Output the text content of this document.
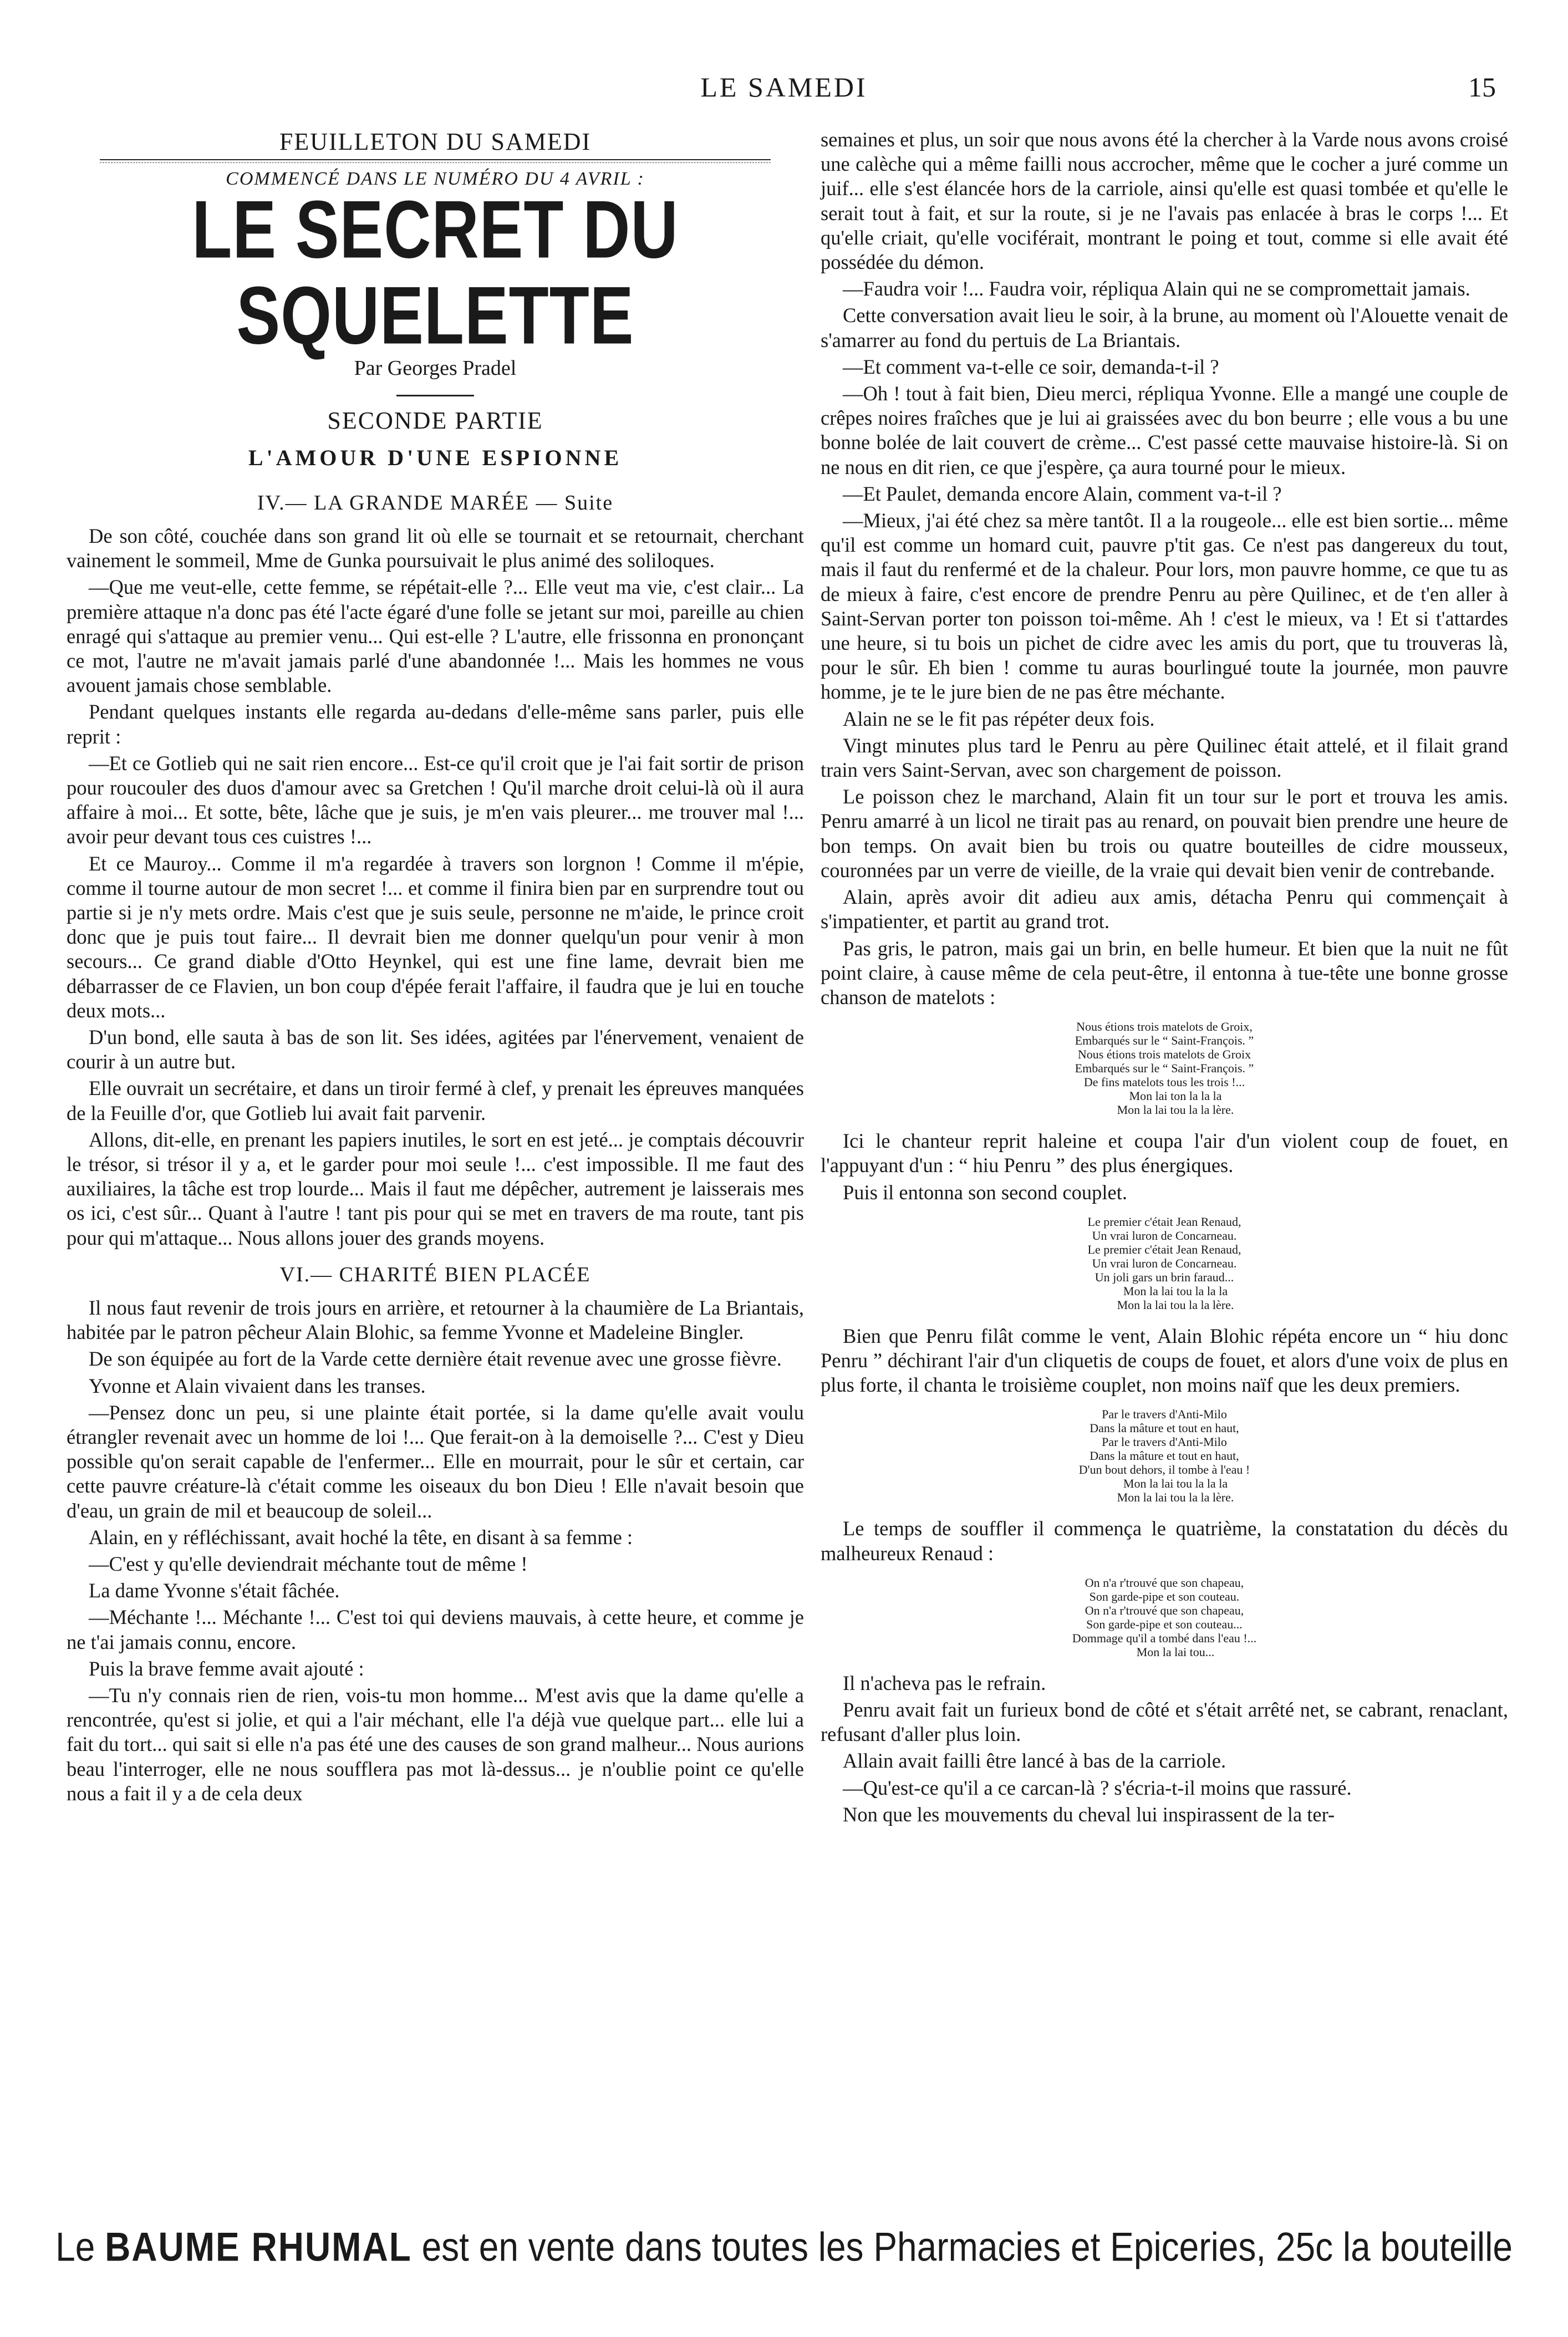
LE SAMEDI	15
FEUILLETON DU SAMEDI
COMMENCÉ DANS LE NUMÉRO DU 4 AVRIL :
LE SECRET DU SQUELETTE
Par Georges Pradel
SECONDE PARTIE
L'AMOUR D'UNE ESPIONNE
IV.— LA GRANDE MARÉE — Suite

De son côté, couchée dans son grand lit où elle se tournait et se retournait, cherchant vainement le sommeil, Mme de Gunka poursuivait le plus animé des soliloques.

—Que me veut-elle, cette femme, se répétait-elle ?... Elle veut ma vie, c'est clair... La première attaque n'a donc pas été l'acte égaré d'une folle se jetant sur moi, pareille au chien enragé qui s'attaque au premier venu... Qui est-elle ? L'autre, elle frissonna en prononçant ce mot, l'autre ne m'avait jamais parlé d'une abandonnée !... Mais les hommes ne vous avouent jamais chose semblable.

Pendant quelques instants elle regarda au-dedans d'elle-même sans parler, puis elle reprit :

—Et ce Gotlieb qui ne sait rien encore... Est-ce qu'il croit que je l'ai fait sortir de prison pour roucouler des duos d'amour avec sa Gretchen ! Qu'il marche droit celui-là où il aura affaire à moi... Et sotte, bête, lâche que je suis, je m'en vais pleurer... me trouver mal !... avoir peur devant tous ces cuistres !...

Et ce Mauroy... Comme il m'a regardée à travers son lorgnon ! Comme il m'épie, comme il tourne autour de mon secret !... et comme il finira bien par en surprendre tout ou partie si je n'y mets ordre. Mais c'est que je suis seule, personne ne m'aide, le prince croit donc que je puis tout faire... Il devrait bien me donner quelqu'un pour venir à mon secours... Ce grand diable d'Otto Heynkel, qui est une fine lame, devrait bien me débarrasser de ce Flavien, un bon coup d'épée ferait l'affaire, il faudra que je lui en touche deux mots...

D'un bond, elle sauta à bas de son lit. Ses idées, agitées par l'énervement, venaient de courir à un autre but.

Elle ouvrait un secrétaire, et dans un tiroir fermé à clef, y prenait les épreuves manquées de la Feuille d'or, que Gotlieb lui avait fait parvenir.

Allons, dit-elle, en prenant les papiers inutiles, le sort en est jeté... je comptais découvrir le trésor, si trésor il y a, et le garder pour moi seule !... c'est impossible. Il me faut des auxiliaires, la tâche est trop lourde... Mais il faut me dépêcher, autrement je laisserais mes os ici, c'est sûr... Quant à l'autre ! tant pis pour qui se met en travers de ma route, tant pis pour qui m'attaque... Nous allons jouer des grands moyens.

VI.— CHARITÉ BIEN PLACÉE

Il nous faut revenir de trois jours en arrière, et retourner à la chaumière de La Briantais, habitée par le patron pêcheur Alain Blohic, sa femme Yvonne et Madeleine Bingler.

De son équipée au fort de la Varde cette dernière était revenue avec une grosse fièvre.

Yvonne et Alain vivaient dans les transes.

—Pensez donc un peu, si une plainte était portée, si la dame qu'elle avait voulu étrangler revenait avec un homme de loi !... Que ferait-on à la demoiselle ?... C'est y Dieu possible qu'on serait capable de l'enfermer... Elle en mourrait, pour le sûr et certain, car cette pauvre créature-là c'était comme les oiseaux du bon Dieu ! Elle n'avait besoin que d'eau, un grain de mil et beaucoup de soleil...

Alain, en y réfléchissant, avait hoché la tête, en disant à sa femme :

—C'est y qu'elle deviendrait méchante tout de même !

La dame Yvonne s'était fâchée.

—Méchante !... Méchante !... C'est toi qui deviens mauvais, à cette heure, et comme je ne t'ai jamais connu, encore.

Puis la brave femme avait ajouté :

—Tu n'y connais rien de rien, vois-tu mon homme... M'est avis que la dame qu'elle a rencontrée, qu'est si jolie, et qui a l'air méchant, elle l'a déjà vue quelque part... elle lui a fait du tort... qui sait si elle n'a pas été une des causes de son grand malheur... Nous aurions beau l'interroger, elle ne nous soufflera pas mot là-dessus... je n'oublie point ce qu'elle nous a fait il y a de cela deux

semaines et plus, un soir que nous avons été la chercher à la Varde nous avons croisé une calèche qui a même failli nous accrocher, même que le cocher a juré comme un juif... elle s'est élancée hors de la carriole, ainsi qu'elle est quasi tombée et qu'elle le serait tout à fait, et sur la route, si je ne l'avais pas enlacée à bras le corps !... Et qu'elle criait, qu'elle vociférait, montrant le poing et tout, comme si elle avait été possédée du démon.

—Faudra voir !... Faudra voir, répliqua Alain qui ne se compromettait jamais.

Cette conversation avait lieu le soir, à la brune, au moment où l'Alouette venait de s'amarrer au fond du pertuis de La Briantais.

—Et comment va-t-elle ce soir, demanda-t-il ?

—Oh ! tout à fait bien, Dieu merci, répliqua Yvonne. Elle a mangé une couple de crêpes noires fraîches que je lui ai graissées avec du bon beurre ; elle vous a bu une bonne bolée de lait couvert de crème... C'est passé cette mauvaise histoire-là. Si on ne nous en dit rien, ce que j'espère, ça aura tourné pour le mieux.

—Et Paulet, demanda encore Alain, comment va-t-il ?

—Mieux, j'ai été chez sa mère tantôt. Il a la rougeole... elle est bien sortie... même qu'il est comme un homard cuit, pauvre p'tit gas. Ce n'est pas dangereux du tout, mais il faut du renfermé et de la chaleur. Pour lors, mon pauvre homme, ce que tu as de mieux à faire, c'est encore de prendre Penru au père Quilinec, et de t'en aller à Saint-Servan porter ton poisson toi-même. Ah ! c'est le mieux, va ! Et si t'attardes une heure, si tu bois un pichet de cidre avec les amis du port, que tu trouveras là, pour le sûr. Eh bien ! comme tu auras bourlingué toute la journée, mon pauvre homme, je te le jure bien de ne pas être méchante.

Alain ne se le fit pas répéter deux fois.

Vingt minutes plus tard le Penru au père Quilinec était attelé, et il filait grand train vers Saint-Servan, avec son chargement de poisson.

Le poisson chez le marchand, Alain fit un tour sur le port et trouva les amis. Penru amarré à un licol ne tirait pas au renard, on pouvait bien prendre une heure de bon temps. On avait bien bu trois ou quatre bouteilles de cidre mousseux, couronnées par un verre de vieille, de la vraie qui devait bien venir de contrebande.

Alain, après avoir dit adieu aux amis, détacha Penru qui commençait à s'impatienter, et partit au grand trot.

Pas gris, le patron, mais gai un brin, en belle humeur. Et bien que la nuit ne fût point claire, à cause même de cela peut-être, il entonna à tue-tête une bonne grosse chanson de matelots :

Nous étions trois matelots de Groix,
Embarqués sur le “ Saint-François. ”
Nous étions trois matelots de Groix
Embarqués sur le “ Saint-François. ”
De fins matelots tous les trois !...
Mon lai ton la la la
Mon la lai tou la la lère.

Ici le chanteur reprit haleine et coupa l'air d'un violent coup de fouet, en l'appuyant d'un : “ hiu Penru ” des plus énergiques.

Puis il entonna son second couplet.

Le premier c'était Jean Renaud,
Un vrai luron de Concarneau.
Le premier c'était Jean Renaud,
Un vrai luron de Concarneau.
Un joli gars un brin faraud...
Mon la lai tou la la la
Mon la lai tou la la lère.

Bien que Penru filât comme le vent, Alain Blohic répéta encore un “ hiu donc Penru ” déchirant l'air d'un cliquetis de coups de fouet, et alors d'une voix de plus en plus forte, il chanta le troisième couplet, non moins naïf que les deux premiers.

Par le travers d'Anti-Milo
Dans la mâture et tout en haut,
Par le travers d'Anti-Milo
Dans la mâture et tout en haut,
D'un bout dehors, il tombe à l'eau !
Mon la lai tou la la la
Mon la lai tou la la lère.

Le temps de souffler il commença le quatrième, la constatation du décès du malheureux Renaud :

On n'a r'trouvé que son chapeau,
Son garde-pipe et son couteau.
On n'a r'trouvé que son chapeau,
Son garde-pipe et son couteau...
Dommage qu'il a tombé dans l'eau !...
Mon la lai tou...

Il n'acheva pas le refrain.

Penru avait fait un furieux bond de côté et s'était arrêté net, se cabrant, renaclant, refusant d'aller plus loin.

Allain avait failli être lancé à bas de la carriole.

—Qu'est-ce qu'il a ce carcan-là ? s'écria-t-il moins que rassuré.

Non que les mouvements du cheval lui inspirassent de la ter-

Le BAUME RHUMAL est en vente dans toutes les Pharmacies et Epiceries, 25c la bouteille
